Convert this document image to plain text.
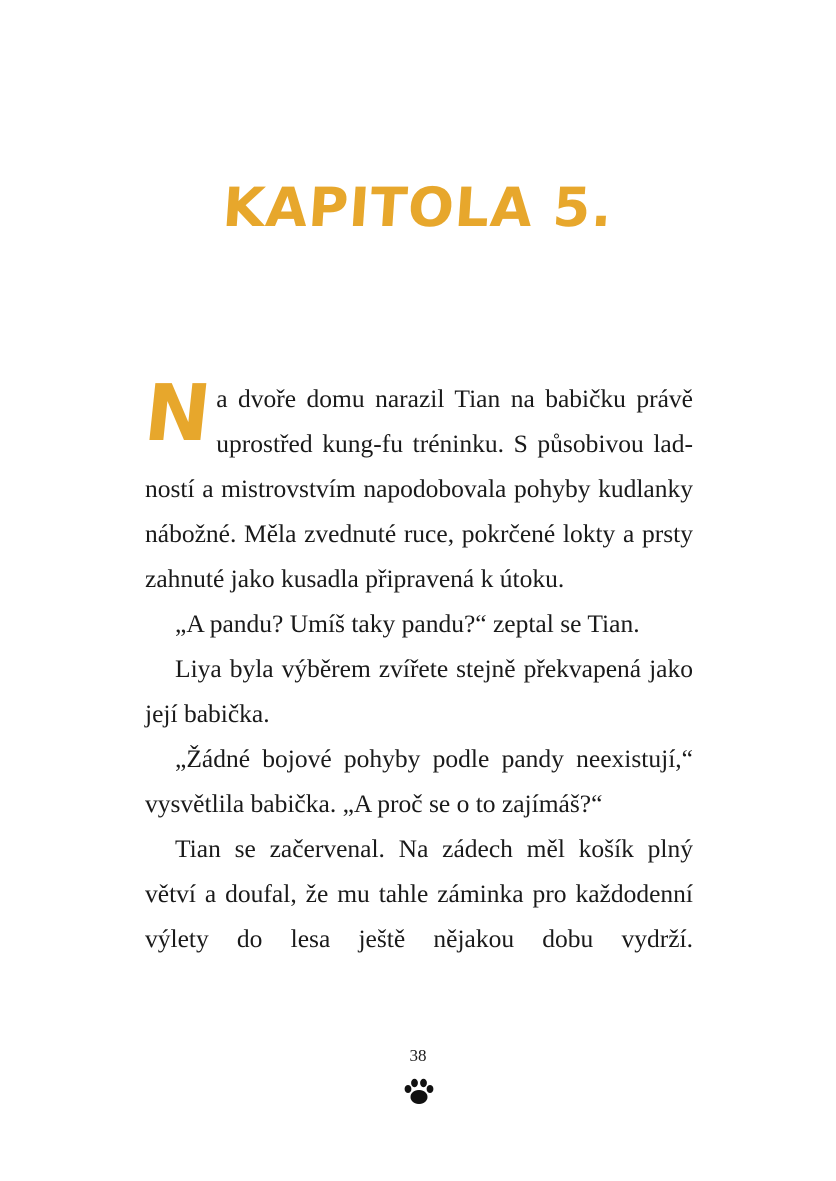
KAPITOLA 5.

Na dvoře domu narazil Tian na babičku právě uprostřed kung-fu tréninku. S působivou ladností a mistrovstvím napodobovala pohyby kudlanky nábožné. Měla zvednuté ruce, pokrčené lokty a prsty zahnuté jako kusadla připravená k útoku.

„A pandu? Umíš taky pandu?“ zeptal se Tian.

Liya byla výběrem zvířete stejně překvapená jako její babička.

„Žádné bojové pohyby podle pandy neexistují,“ vysvětlila babička. „A proč se o to zajímáš?“

Tian se začervenal. Na zádech měl košík plný větví a doufal, že mu tahle záminka pro každodenní výlety do lesa ještě nějakou dobu vydrží.

38
